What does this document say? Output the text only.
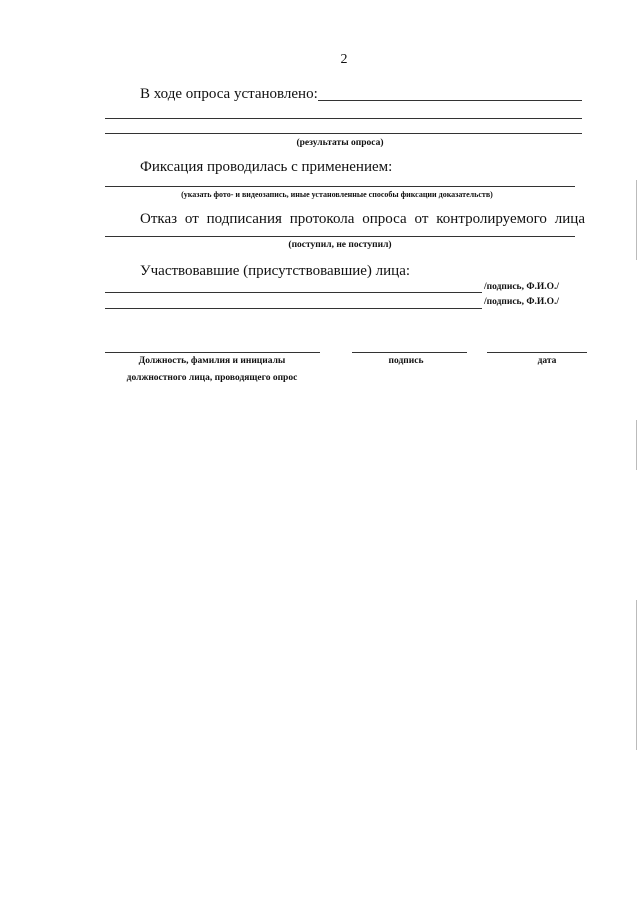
2
В ходе опроса установлено:
(результаты опроса)
Фиксация проводилась с применением:
(указать фото- и видеозапись, иные установленные способы фиксации доказательств)
Отказ от подписания протокола опроса от контролируемого лица
(поступил, не поступил)
Участвовавшие (присутствовавшие) лица:
/подпись, Ф.И.О./
/подпись, Ф.И.О./
Должность, фамилия и инициалы
должностного лица, проводящего опрос
подпись	дата
